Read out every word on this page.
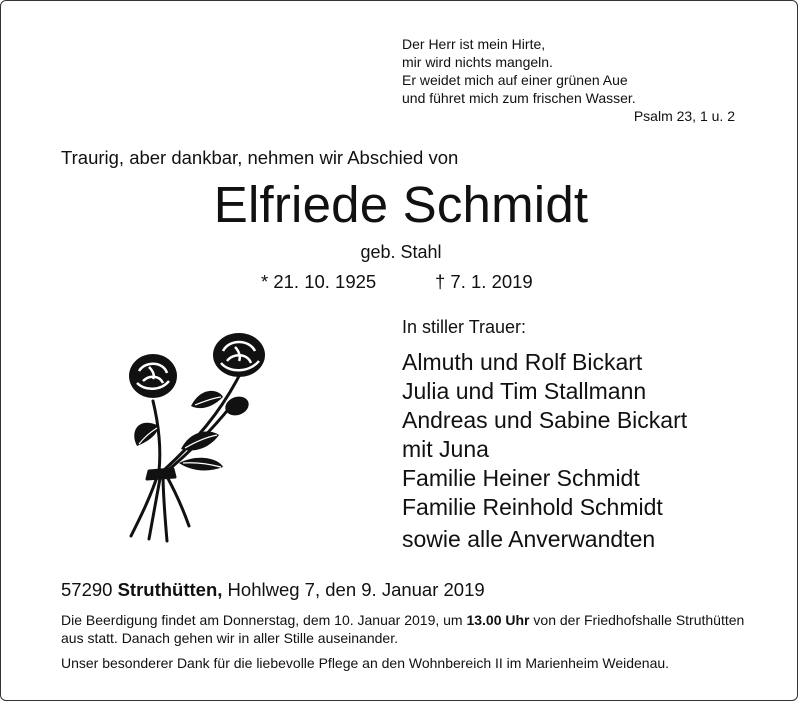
Der Herr ist mein Hirte,
mir wird nichts mangeln.
Er weidet mich auf einer grünen Aue
und führet mich zum frischen Wasser.
Psalm 23, 1 u. 2
Traurig, aber dankbar, nehmen wir Abschied von
Elfriede Schmidt
geb. Stahl
* 21. 10. 1925	† 7. 1. 2019
In stiller Trauer:
Almuth und Rolf Bickart
Julia und Tim Stallmann
Andreas und Sabine Bickart
mit Juna
Familie Heiner Schmidt
Familie Reinhold Schmidt
sowie alle Anverwandten
57290 Struthütten, Hohlweg 7, den 9. Januar 2019
Die Beerdigung findet am Donnerstag, dem 10. Januar 2019, um 13.00 Uhr von der Friedhofshalle Struthütten aus statt. Danach gehen wir in aller Stille auseinander.
Unser besonderer Dank für die liebevolle Pflege an den Wohnbereich II im Marienheim Weidenau.
